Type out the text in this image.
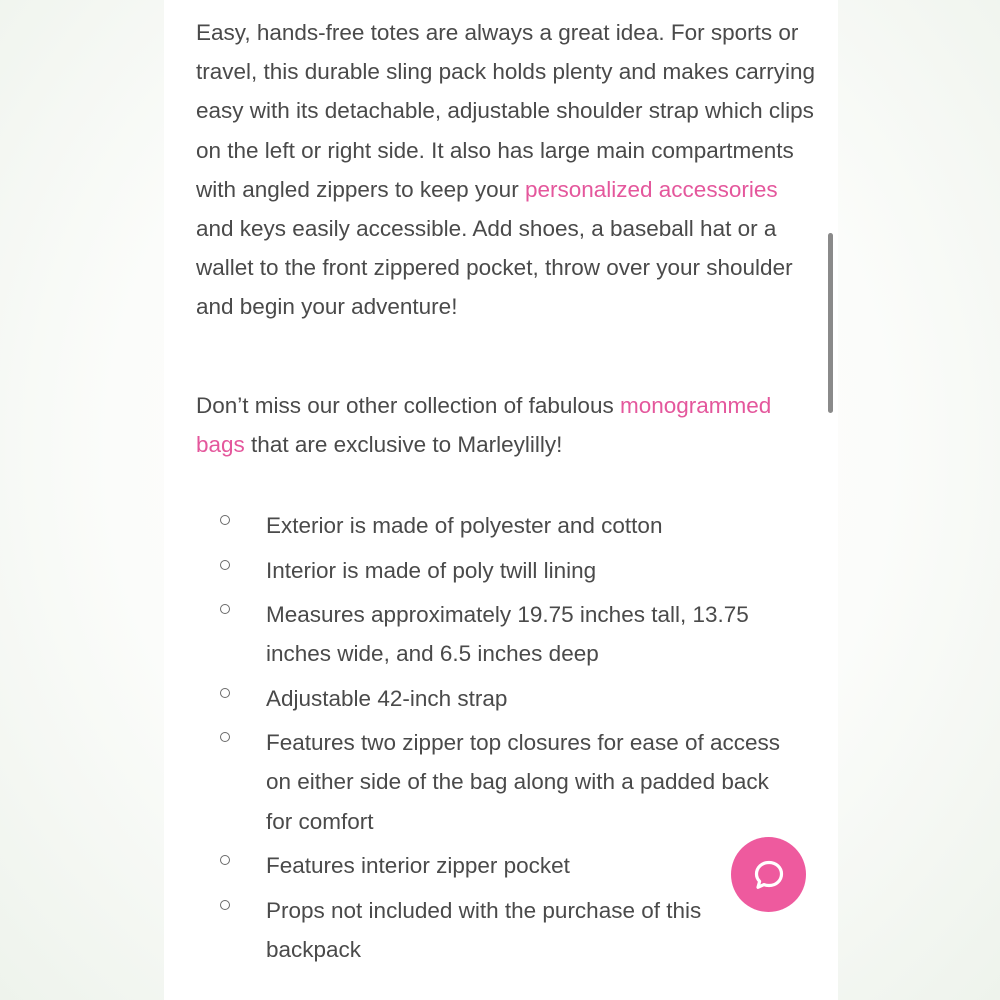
Easy, hands-free totes are always a great idea. For sports or travel, this durable sling pack holds plenty and makes carrying easy with its detachable, adjustable shoulder strap which clips on the left or right side. It also has large main compartments with angled zippers to keep your personalized accessories and keys easily accessible. Add shoes, a baseball hat or a wallet to the front zippered pocket, throw over your shoulder and begin your adventure!

Don’t miss our other collection of fabulous monogrammed bags that are exclusive to Marleylilly!

Exterior is made of polyester and cotton
Interior is made of poly twill lining
Measures approximately 19.75 inches tall, 13.75 inches wide, and 6.5 inches deep
Adjustable 42-inch strap
Features two zipper top closures for ease of access on either side of the bag along with a padded back for comfort
Features interior zipper pocket
Props not included with the purchase of this backpack
